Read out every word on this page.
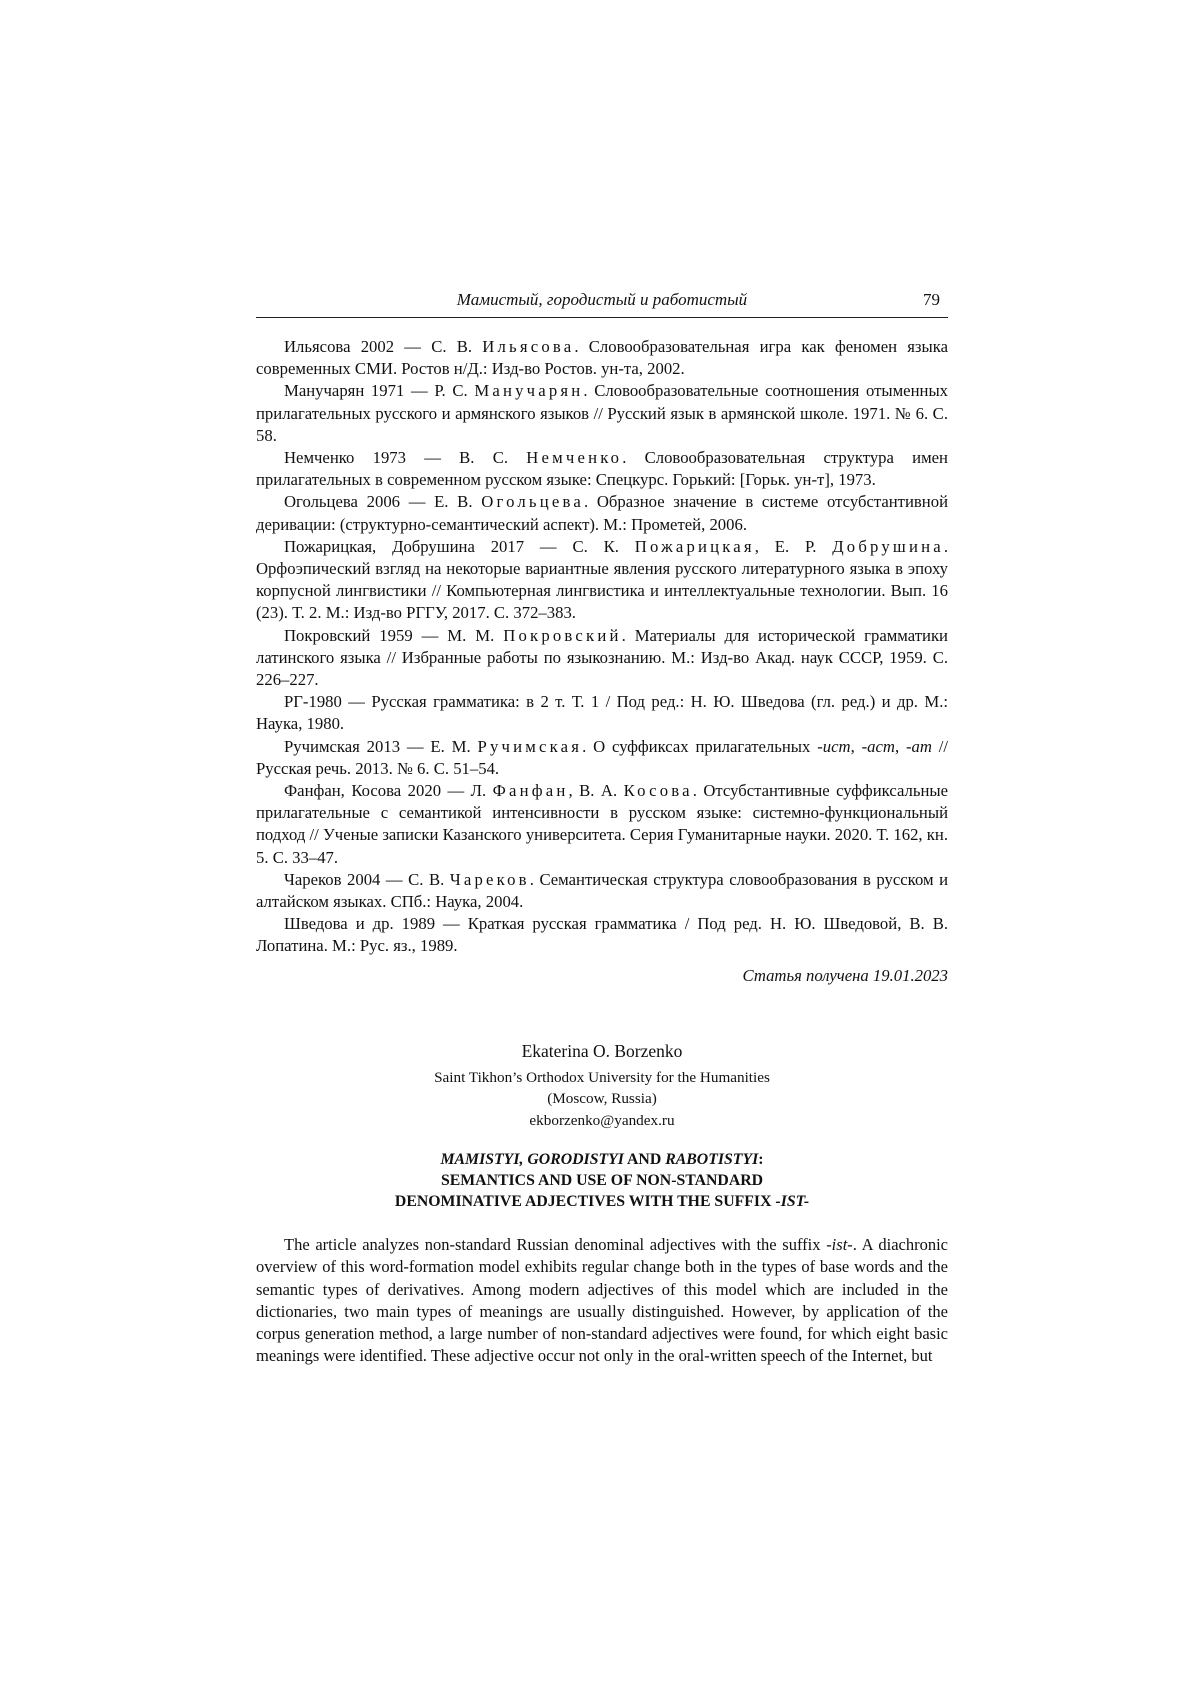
Мамистый, городистый и работистый	79

Ильясова 2002 — С. В. Ильясова. Словообразовательная игра как феномен языка современных СМИ. Ростов н/Д.: Изд-во Ростов. ун-та, 2002.

Манучарян 1971 — Р. С. Манучарян. Словообразовательные соотношения отыменных прилагательных русского и армянского языков // Русский язык в армянской школе. 1971. № 6. С. 58.

Немченко 1973 — В. С. Немченко. Словообразовательная структура имен прилагательных в современном русском языке: Спецкурс. Горький: [Горьк. ун-т], 1973.

Огольцева 2006 — Е. В. Огольцева. Образное значение в системе отсубстантивной деривации: (структурно-семантический аспект). М.: Прометей, 2006.

Пожарицкая, Добрушина 2017 — С. К. Пожарицкая, Е. Р. Добрушина. Орфоэпический взгляд на некоторые вариантные явления русского литературного языка в эпоху корпусной лингвистики // Компьютерная лингвистика и интеллектуальные технологии. Вып. 16 (23). Т. 2. М.: Изд-во РГГУ, 2017. С. 372–383.

Покровский 1959 — М. М. Покровский. Материалы для исторической грамматики латинского языка // Избранные работы по языкознанию. М.: Изд-во Акад. наук СССР, 1959. С. 226–227.

РГ-1980 — Русская грамматика: в 2 т. Т. 1 / Под ред.: Н. Ю. Шведова (гл. ред.) и др. М.: Наука, 1980.

Ручимская 2013 — Е. М. Ручимская. О суффиксах прилагательных -ист, -аст, -ат // Русская речь. 2013. № 6. С. 51–54.

Фанфан, Косова 2020 — Л. Фанфан, В. А. Косова. Отсубстантивные суффиксальные прилагательные с семантикой интенсивности в русском языке: системно-функциональный подход // Ученые записки Казанского университета. Серия Гуманитарные науки. 2020. Т. 162, кн. 5. С. 33–47.

Чареков 2004 — С. В. Чареков. Семантическая структура словообразования в русском и алтайском языках. СПб.: Наука, 2004.

Шведова и др. 1989 — Краткая русская грамматика / Под ред. Н. Ю. Шведовой, В. В. Лопатина. М.: Рус. яз., 1989.

Статья получена 19.01.2023
Ekaterina O. Borzenko
Saint Tikhon’s Orthodox University for the Humanities
(Moscow, Russia)
ekborzenko@yandex.ru
MAMISTYI, GORODISTYI AND RABOTISTYI:
SEMANTICS AND USE OF NON-STANDARD
DENOMINATIVE ADJECTIVES WITH THE SUFFIX -IST-

The article analyzes non-standard Russian denominal adjectives with the suffix -ist-. A diachronic overview of this word-formation model exhibits regular change both in the types of base words and the semantic types of derivatives. Among modern adjectives of this model which are included in the dictionaries, two main types of meanings are usually distinguished. However, by application of the corpus generation method, a large number of non-standard adjectives were found, for which eight basic meanings were identified. These adjective occur not only in the oral-written speech of the Internet, but
